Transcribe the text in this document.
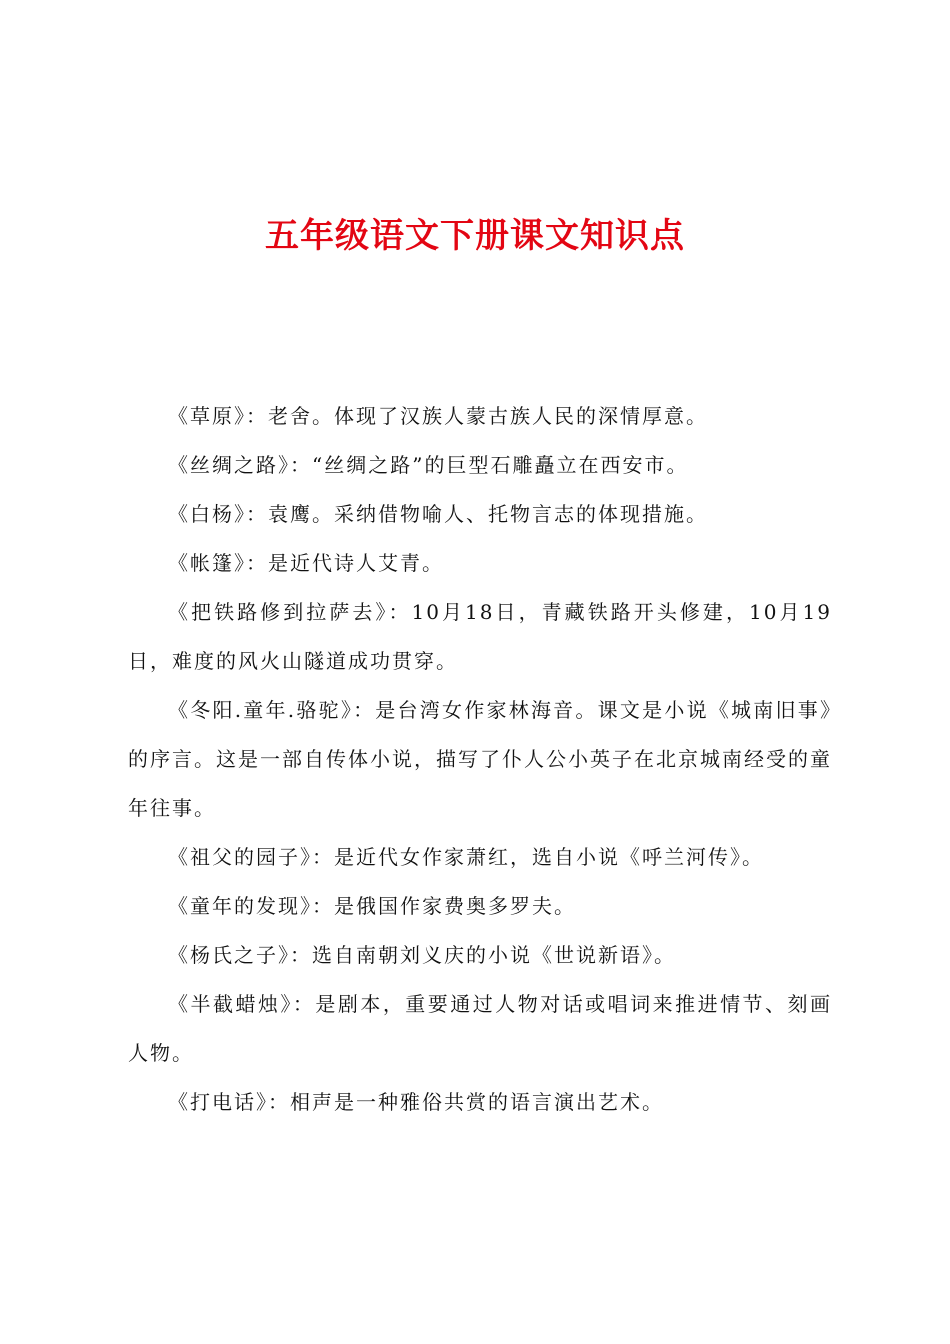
五年级语文下册课文知识点

《草原》：老舍。体现了汉族人蒙古族人民的深情厚意。

《丝绸之路》：“丝绸之路”的巨型石雕矗立在西安市。

《白杨》：袁鹰。采纳借物喻人、托物言志的体现措施。

《帐篷》：是近代诗人艾青。

《把铁路修到拉萨去》：10月18日，青藏铁路开头修建，10月19日，难度的风火山隧道成功贯穿。

《冬阳.童年.骆驼》：是台湾女作家林海音。课文是小说《城南旧事》的序言。这是一部自传体小说，描写了仆人公小英子在北京城南经受的童年往事。

《祖父的园子》：是近代女作家萧红，选自小说《呼兰河传》。

《童年的发现》：是俄国作家费奥多罗夫。

《杨氏之子》：选自南朝刘义庆的小说《世说新语》。

《半截蜡烛》：是剧本，重要通过人物对话或唱词来推进情节、刻画人物。

《打电话》：相声是一种雅俗共赏的语言演出艺术。
